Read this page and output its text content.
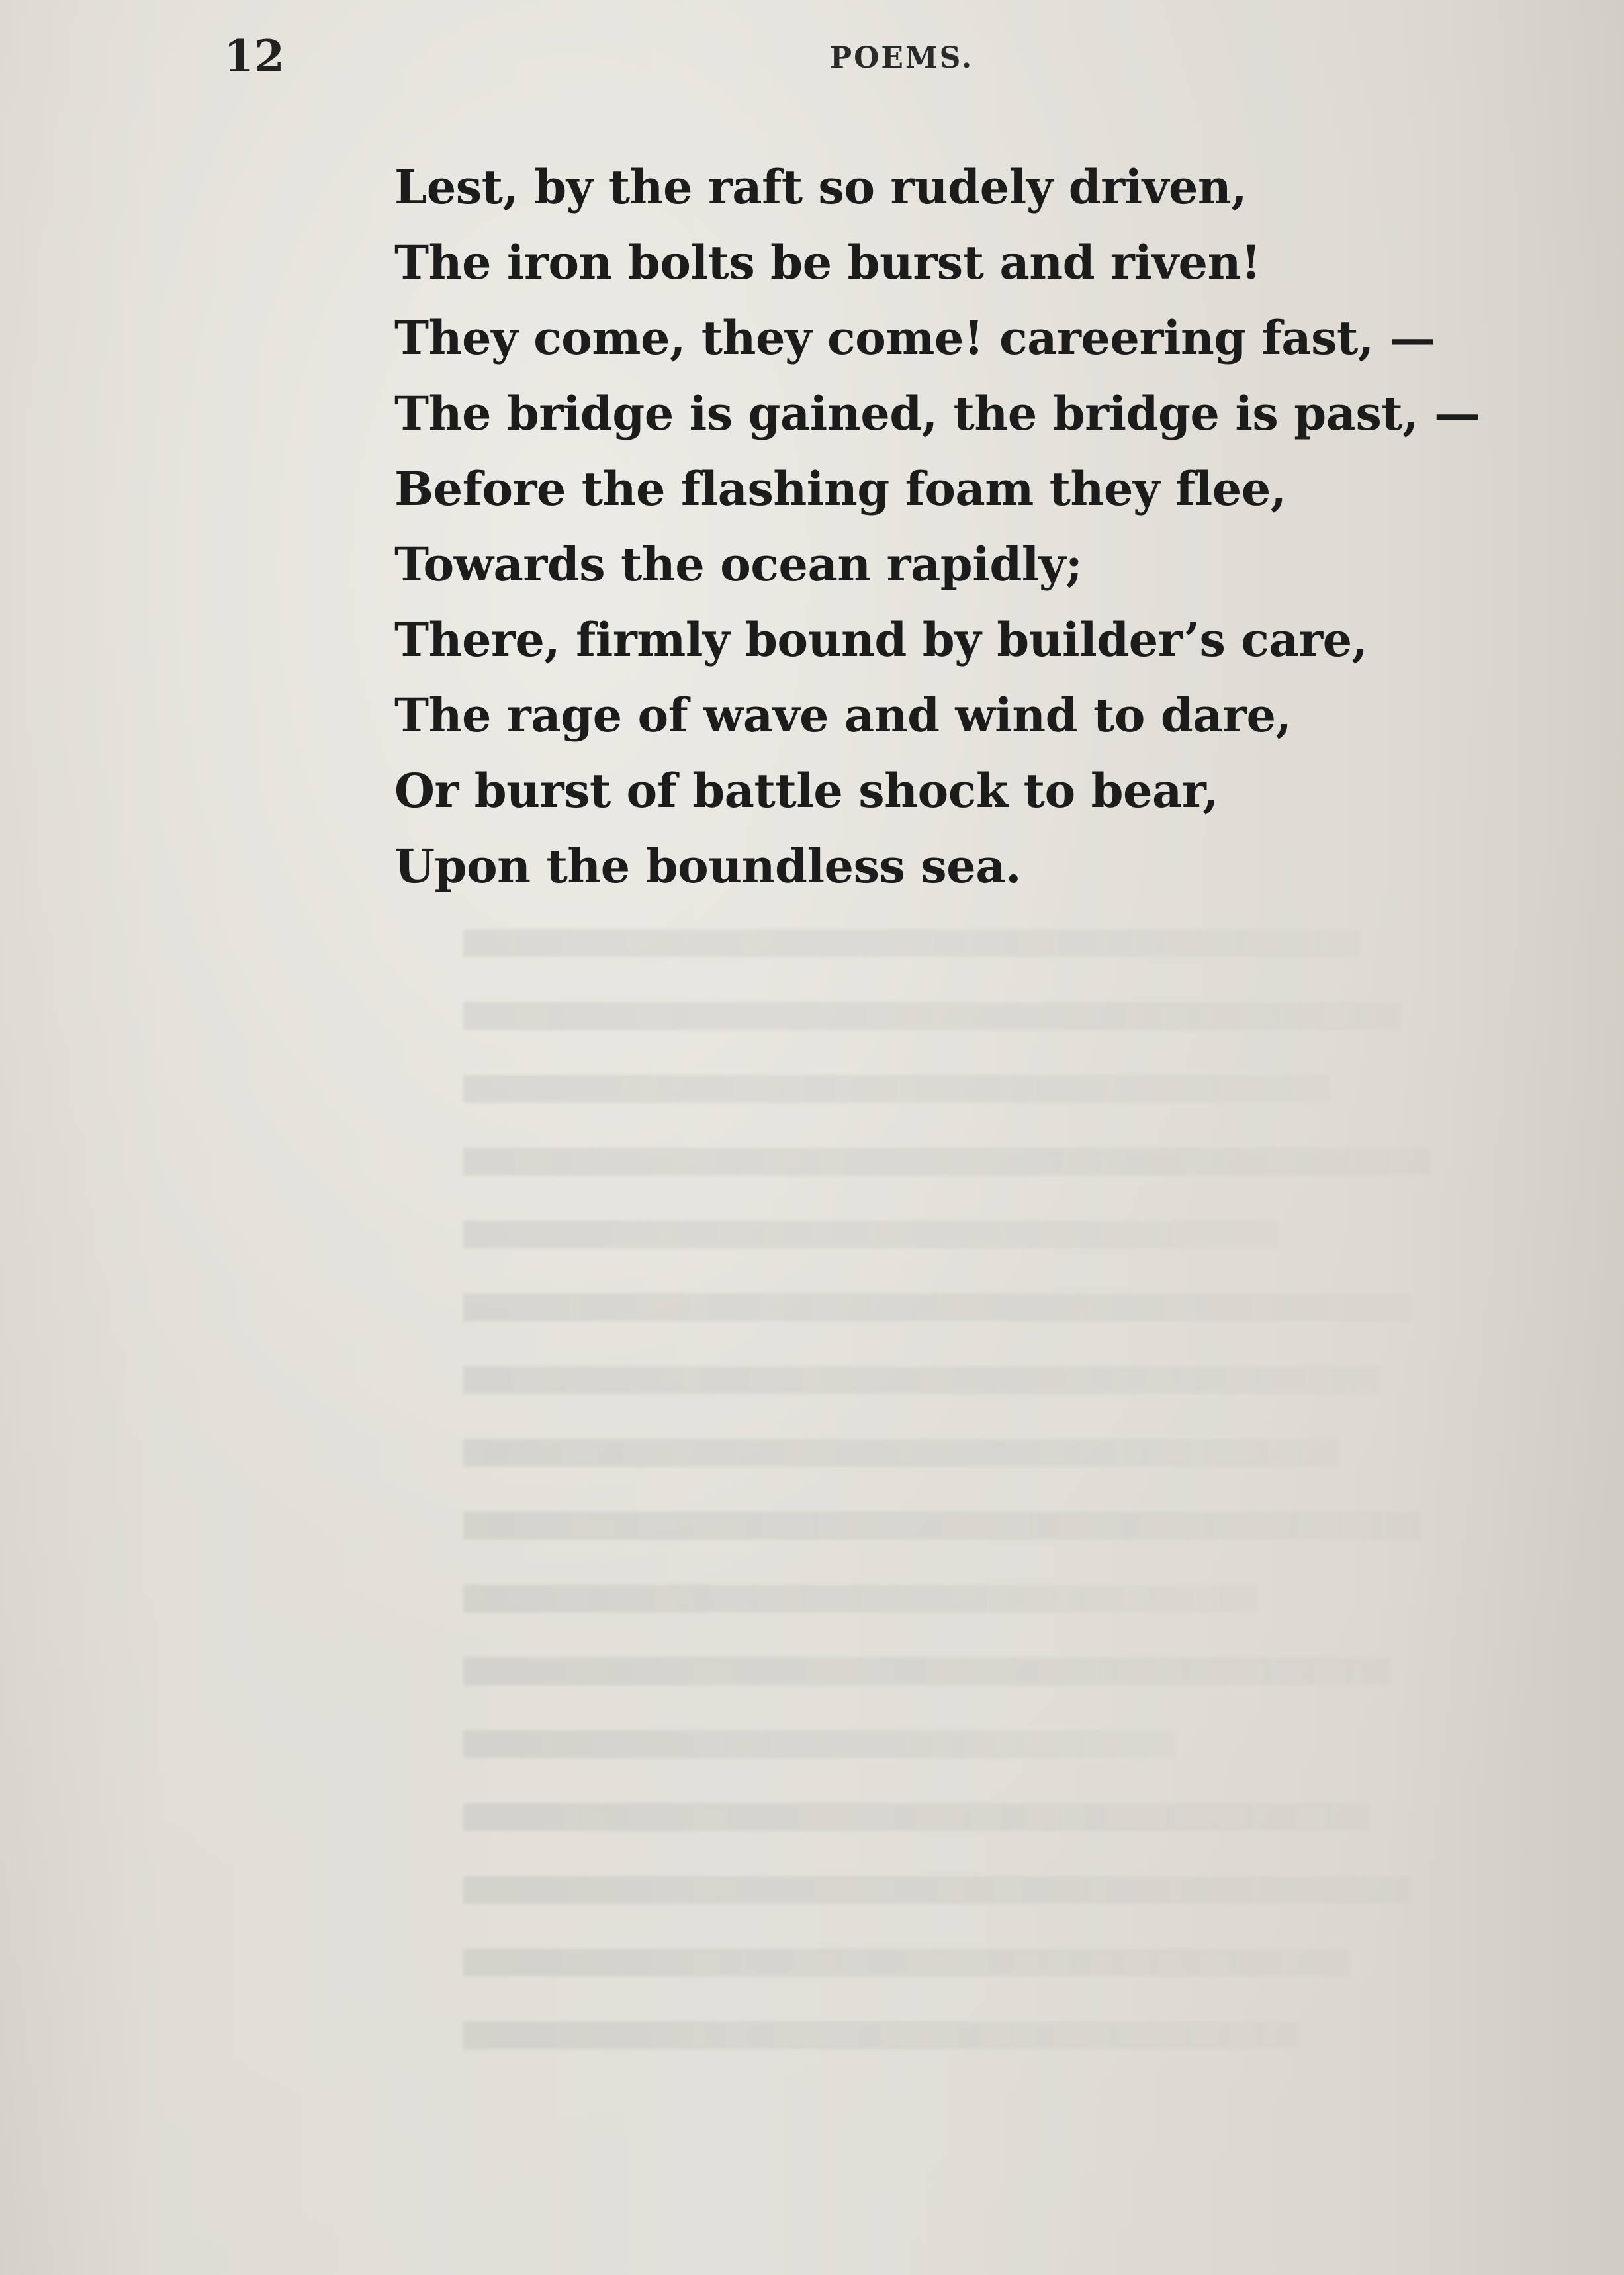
12	POEMS.
Lest, by the raft so rudely driven,
The iron bolts be burst and riven!
They come, they come! careering fast, —
The bridge is gained, the bridge is past, —
Before the flashing foam they flee,
Towards the ocean rapidly;
There, firmly bound by builder’s care,
The rage of wave and wind to dare,
Or burst of battle shock to bear,
Upon the boundless sea.
